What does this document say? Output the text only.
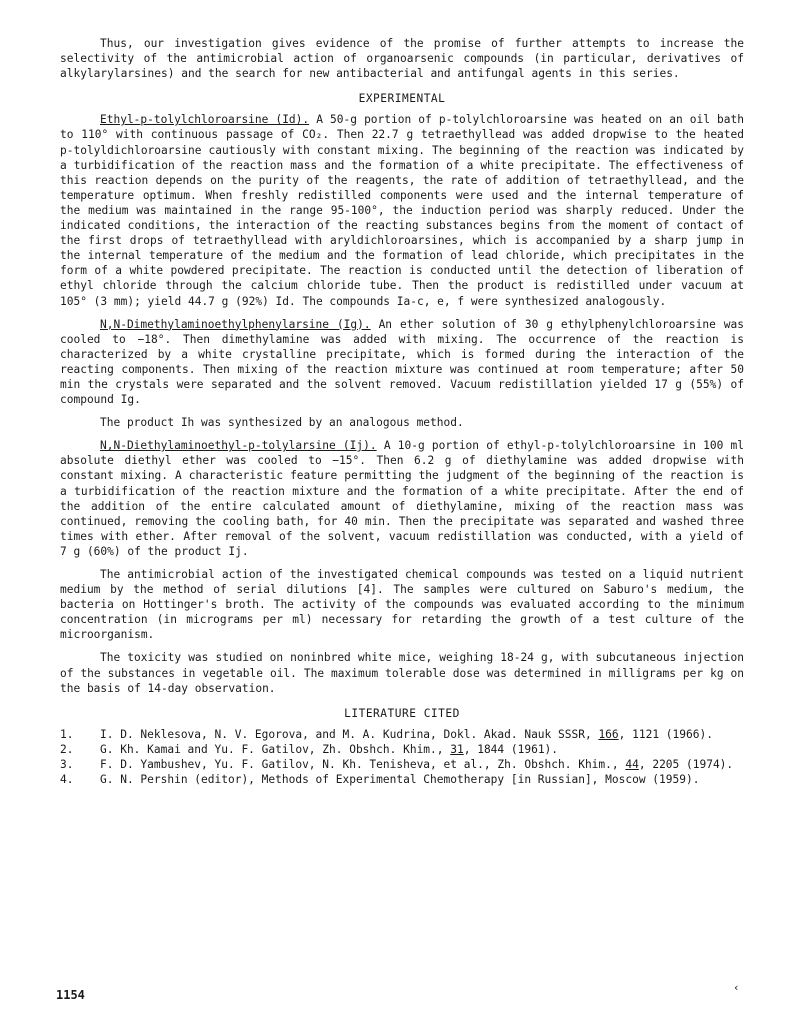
Thus, our investigation gives evidence of the promise of further attempts to increase the selectivity of the antimicrobial action of organoarsenic compounds (in particular, derivatives of alkylarylarsines) and the search for new antibacterial and antifungal agents in this series.

EXPERIMENTAL

Ethyl-p-tolylchloroarsine (Id). A 50-g portion of p-tolylchloroarsine was heated on an oil bath to 110° with continuous passage of CO₂. Then 22.7 g tetraethyllead was added dropwise to the heated p-tolyldichloroarsine cautiously with constant mixing. The beginning of the reaction was indicated by a turbidification of the reaction mass and the formation of a white precipitate. The effectiveness of this reaction depends on the purity of the reagents, the rate of addition of tetraethyllead, and the temperature optimum. When freshly redistilled components were used and the internal temperature of the medium was maintained in the range 95-100°, the induction period was sharply reduced. Under the indicated conditions, the interaction of the reacting substances begins from the moment of contact of the first drops of tetraethyllead with aryldichloroarsines, which is accompanied by a sharp jump in the internal temperature of the medium and the formation of lead chloride, which precipitates in the form of a white powdered precipitate. The reaction is conducted until the detection of liberation of ethyl chloride through the calcium chloride tube. Then the product is redistilled under vacuum at 105° (3 mm); yield 44.7 g (92%) Id. The compounds Ia-c, e, f were synthesized analogously.

N,N-Dimethylaminoethylphenylarsine (Ig). An ether solution of 30 g ethylphenylchloroarsine was cooled to −18°. Then dimethylamine was added with mixing. The occurrence of the reaction is characterized by a white crystalline precipitate, which is formed during the interaction of the reacting components. Then mixing of the reaction mixture was continued at room temperature; after 50 min the crystals were separated and the solvent removed. Vacuum redistillation yielded 17 g (55%) of compound Ig.

The product Ih was synthesized by an analogous method.

N,N-Diethylaminoethyl-p-tolylarsine (Ij). A 10-g portion of ethyl-p-tolylchloroarsine in 100 ml absolute diethyl ether was cooled to −15°. Then 6.2 g of diethylamine was added dropwise with constant mixing. A characteristic feature permitting the judgment of the beginning of the reaction is a turbidification of the reaction mixture and the formation of a white precipitate. After the end of the addition of the entire calculated amount of diethylamine, mixing of the reaction mass was continued, removing the cooling bath, for 40 min. Then the precipitate was separated and washed three times with ether. After removal of the solvent, vacuum redistillation was conducted, with a yield of 7 g (60%) of the product Ij.

The antimicrobial action of the investigated chemical compounds was tested on a liquid nutrient medium by the method of serial dilutions [4]. The samples were cultured on Saburo's medium, the bacteria on Hottinger's broth. The activity of the compounds was evaluated according to the minimum concentration (in micrograms per ml) necessary for retarding the growth of a test culture of the microorganism.

The toxicity was studied on noninbred white mice, weighing 18-24 g, with subcutaneous injection of the substances in vegetable oil. The maximum tolerable dose was determined in milligrams per kg on the basis of 14-day observation.

LITERATURE CITED
1.	I. D. Neklesova, N. V. Egorova, and M. A. Kudrina, Dokl. Akad. Nauk SSSR, 166, 1121 (1966).
2.	G. Kh. Kamai and Yu. F. Gatilov, Zh. Obshch. Khim., 31, 1844 (1961).
3.	F. D. Yambushev, Yu. F. Gatilov, N. Kh. Tenisheva, et al., Zh. Obshch. Khim., 44, 2205 (1974).
4.	G. N. Pershin (editor), Methods of Experimental Chemotherapy [in Russian], Moscow (1959).
1154
‹
